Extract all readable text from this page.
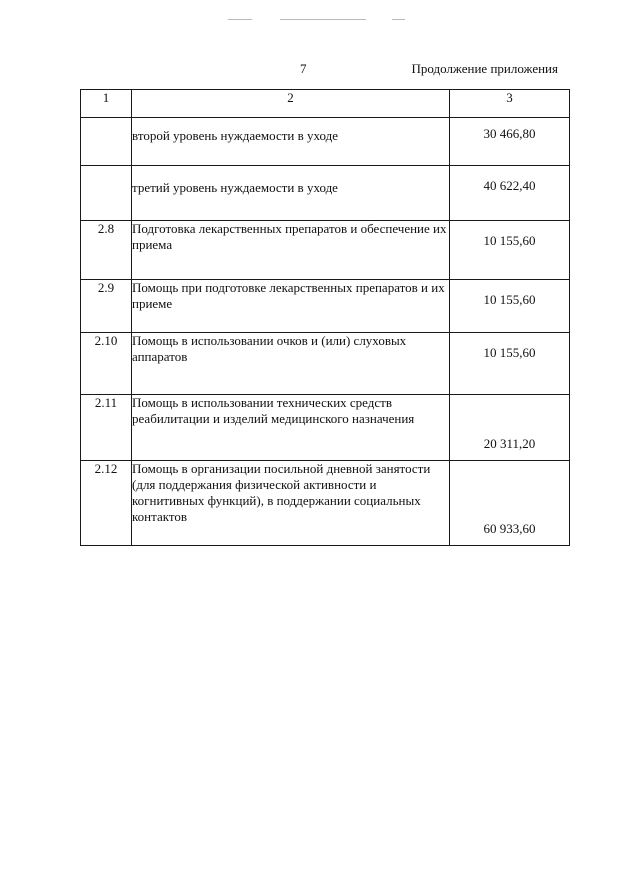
7	Продолжение приложения
1	2	3
	второй уровень нуждаемости в уходе	30 466,80
	третий уровень нуждаемости в уходе	40 622,40
2.8	Подготовка лекарственных препаратов и обеспечение их приема	10 155,60
2.9	Помощь при подготовке лекарственных препаратов и их приеме	10 155,60
2.10	Помощь в использовании очков и (или) слуховых аппаратов	10 155,60
2.11	Помощь в использовании технических средств реабилитации и изделий медицинского назначения	20 311,20
2.12	Помощь в организации посильной дневной занятости (для поддержания физической активности и когнитивных функций), в поддержании социальных контактов	60 933,60
